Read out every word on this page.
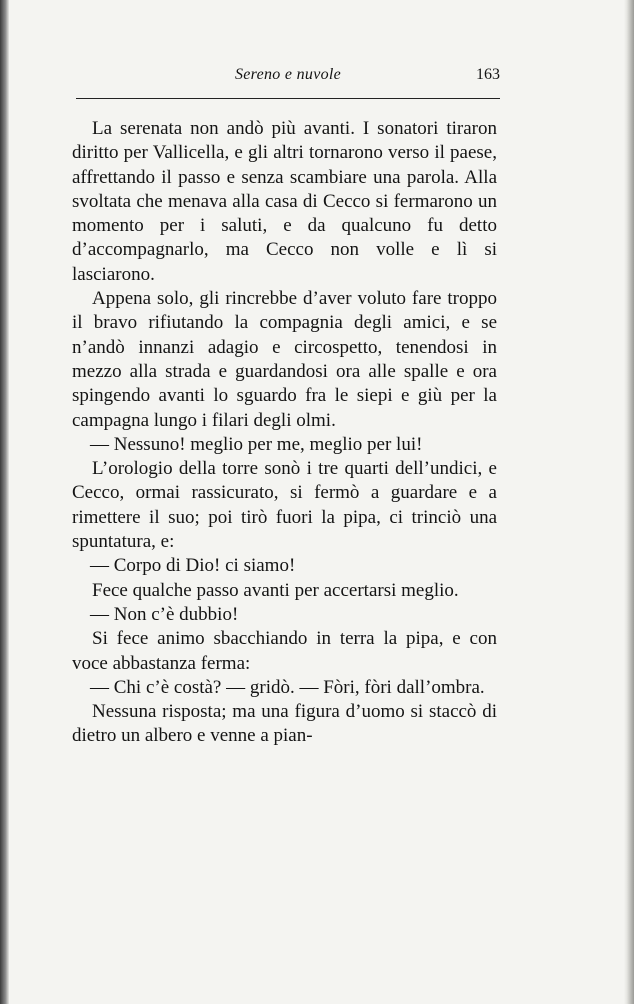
Sereno e nuvole	163

La serenata non andò più avanti. I sonatori tiraron diritto per Vallicella, e gli altri tornarono verso il paese, affrettando il passo e senza scambiare una parola. Alla svoltata che menava alla casa di Cecco si fermarono un momento per i saluti, e da qualcuno fu detto d’accompagnarlo, ma Cecco non volle e lì si lasciarono.

Appena solo, gli rincrebbe d’aver voluto fare troppo il bravo rifiutando la compagnia degli amici, e se n’andò innanzi adagio e circospetto, tenendosi in mezzo alla strada e guardandosi ora alle spalle e ora spingendo avanti lo sguardo fra le siepi e giù per la campagna lungo i filari degli olmi.

— Nessuno! meglio per me, meglio per lui!

L’orologio della torre sonò i tre quarti dell’undici, e Cecco, ormai rassicurato, si fermò a guardare e a rimettere il suo; poi tirò fuori la pipa, ci trinciò una spuntatura, e:

— Corpo di Dio! ci siamo!

Fece qualche passo avanti per accertarsi meglio.

— Non c’è dubbio!

Si fece animo sbacchiando in terra la pipa, e con voce abbastanza ferma:

— Chi c’è costà? — gridò. — Fòri, fòri dall’ombra.

Nessuna risposta; ma una figura d’uomo si staccò di dietro un albero e venne a pian-
